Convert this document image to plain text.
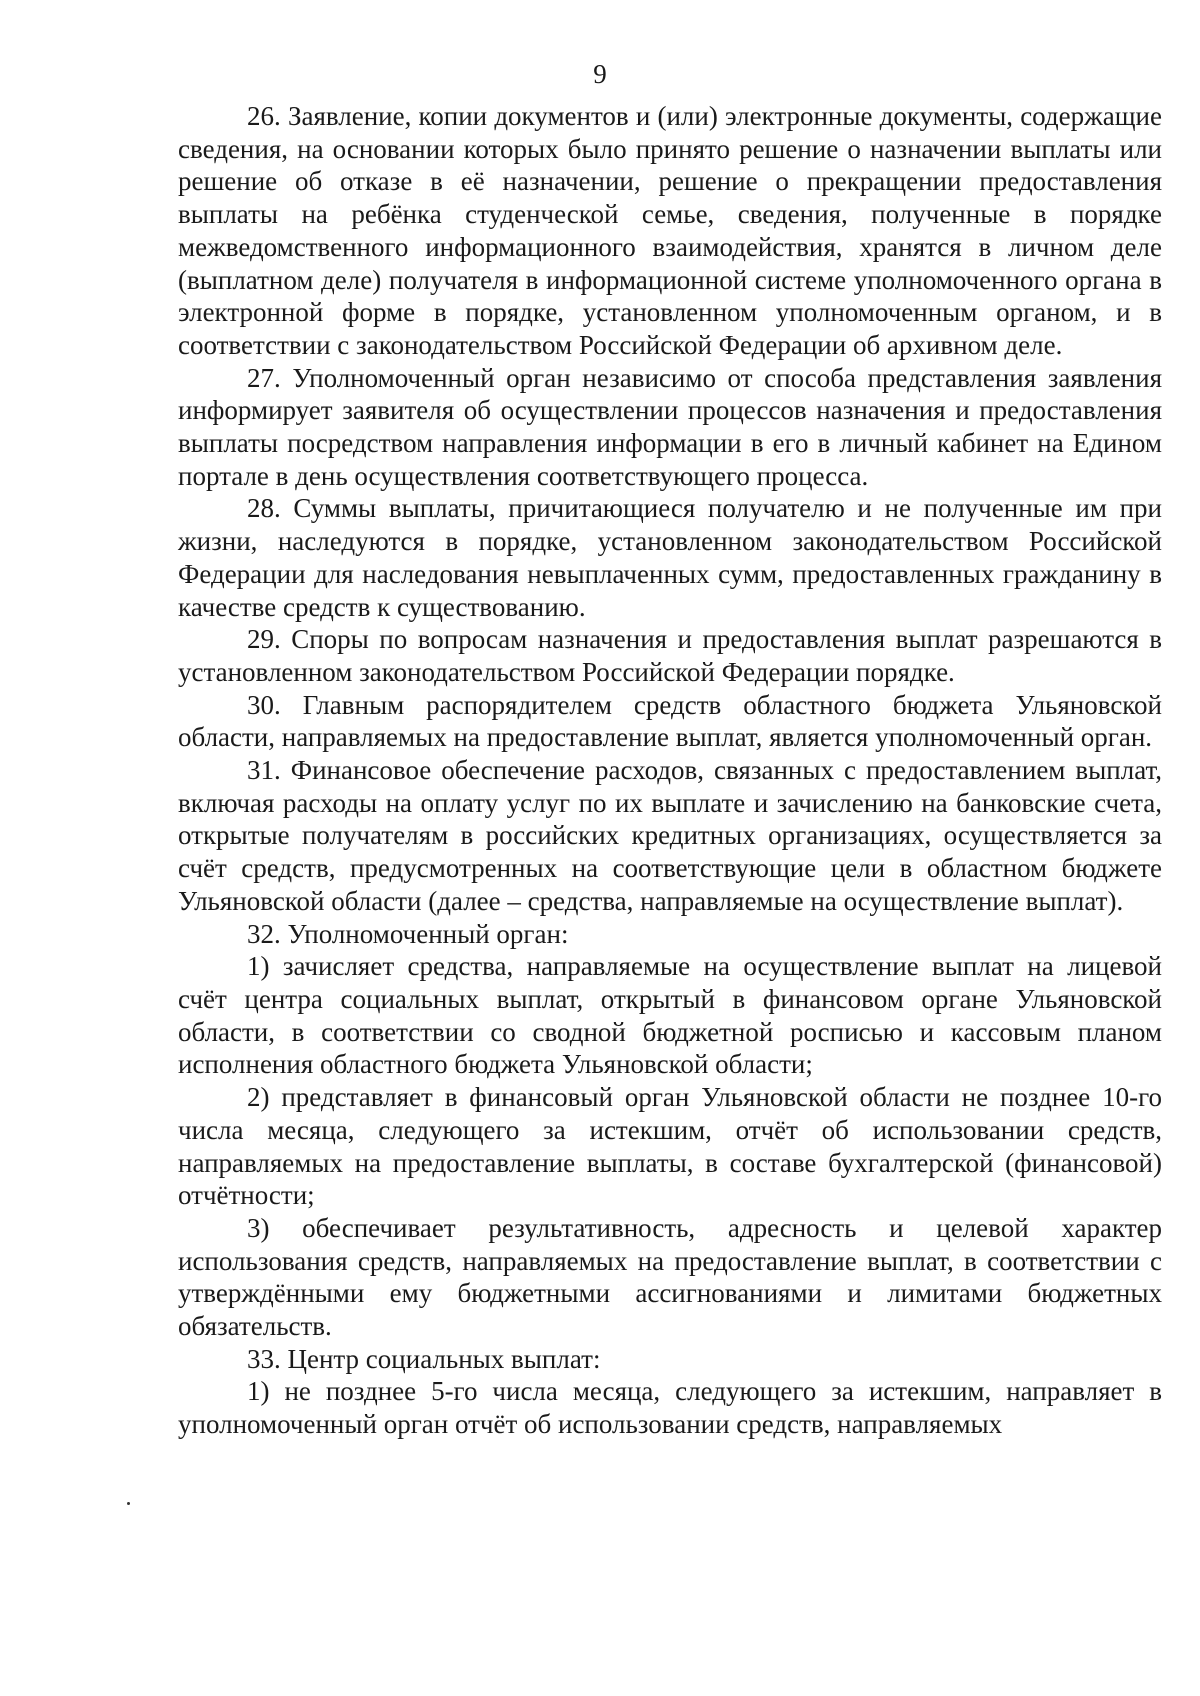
9

26. Заявление, копии документов и (или) электронные документы, содержащие сведения, на основании которых было принято решение о назначении выплаты или решение об отказе в её назначении, решение о прекращении предоставления выплаты на ребёнка студенческой семье, сведения, полученные в порядке межведомственного информационного взаимодействия, хранятся в личном деле (выплатном деле) получателя в информационной системе уполномоченного органа в электронной форме в порядке, установленном уполномоченным органом, и в соответствии с законодательством Российской Федерации об архивном деле.

27. Уполномоченный орган независимо от способа представления заявления информирует заявителя об осуществлении процессов назначения и предоставления выплаты посредством направления информации в его в личный кабинет на Едином портале в день осуществления соответствующего процесса.

28. Суммы выплаты, причитающиеся получателю и не полученные им при жизни, наследуются в порядке, установленном законодательством Российской Федерации для наследования невыплаченных сумм, предоставленных гражданину в качестве средств к существованию.

29. Споры по вопросам назначения и предоставления выплат разрешаются в установленном законодательством Российской Федерации порядке.

30. Главным распорядителем средств областного бюджета Ульяновской области, направляемых на предоставление выплат, является уполномоченный орган.

31. Финансовое обеспечение расходов, связанных с предоставлением выплат, включая расходы на оплату услуг по их выплате и зачислению на банковские счета, открытые получателям в российских кредитных организациях, осуществляется за счёт средств, предусмотренных на соответствующие цели в областном бюджете Ульяновской области (далее – средства, направляемые на осуществление выплат).

32. Уполномоченный орган:

1) зачисляет средства, направляемые на осуществление выплат на лицевой счёт центра социальных выплат, открытый в финансовом органе Ульяновской области, в соответствии со сводной бюджетной росписью и кассовым планом исполнения областного бюджета Ульяновской области;

2) представляет в финансовый орган Ульяновской области не позднее 10-го числа месяца, следующего за истекшим, отчёт об использовании средств, направляемых на предоставление выплаты, в составе бухгалтерской (финансовой) отчётности;

3) обеспечивает результативность, адресность и целевой характер использования средств, направляемых на предоставление выплат, в соответствии с утверждёнными ему бюджетными ассигнованиями и лимитами бюджетных обязательств.

33. Центр социальных выплат:

1) не позднее 5-го числа месяца, следующего за истекшим, направляет в уполномоченный орган отчёт об использовании средств, направляемых
